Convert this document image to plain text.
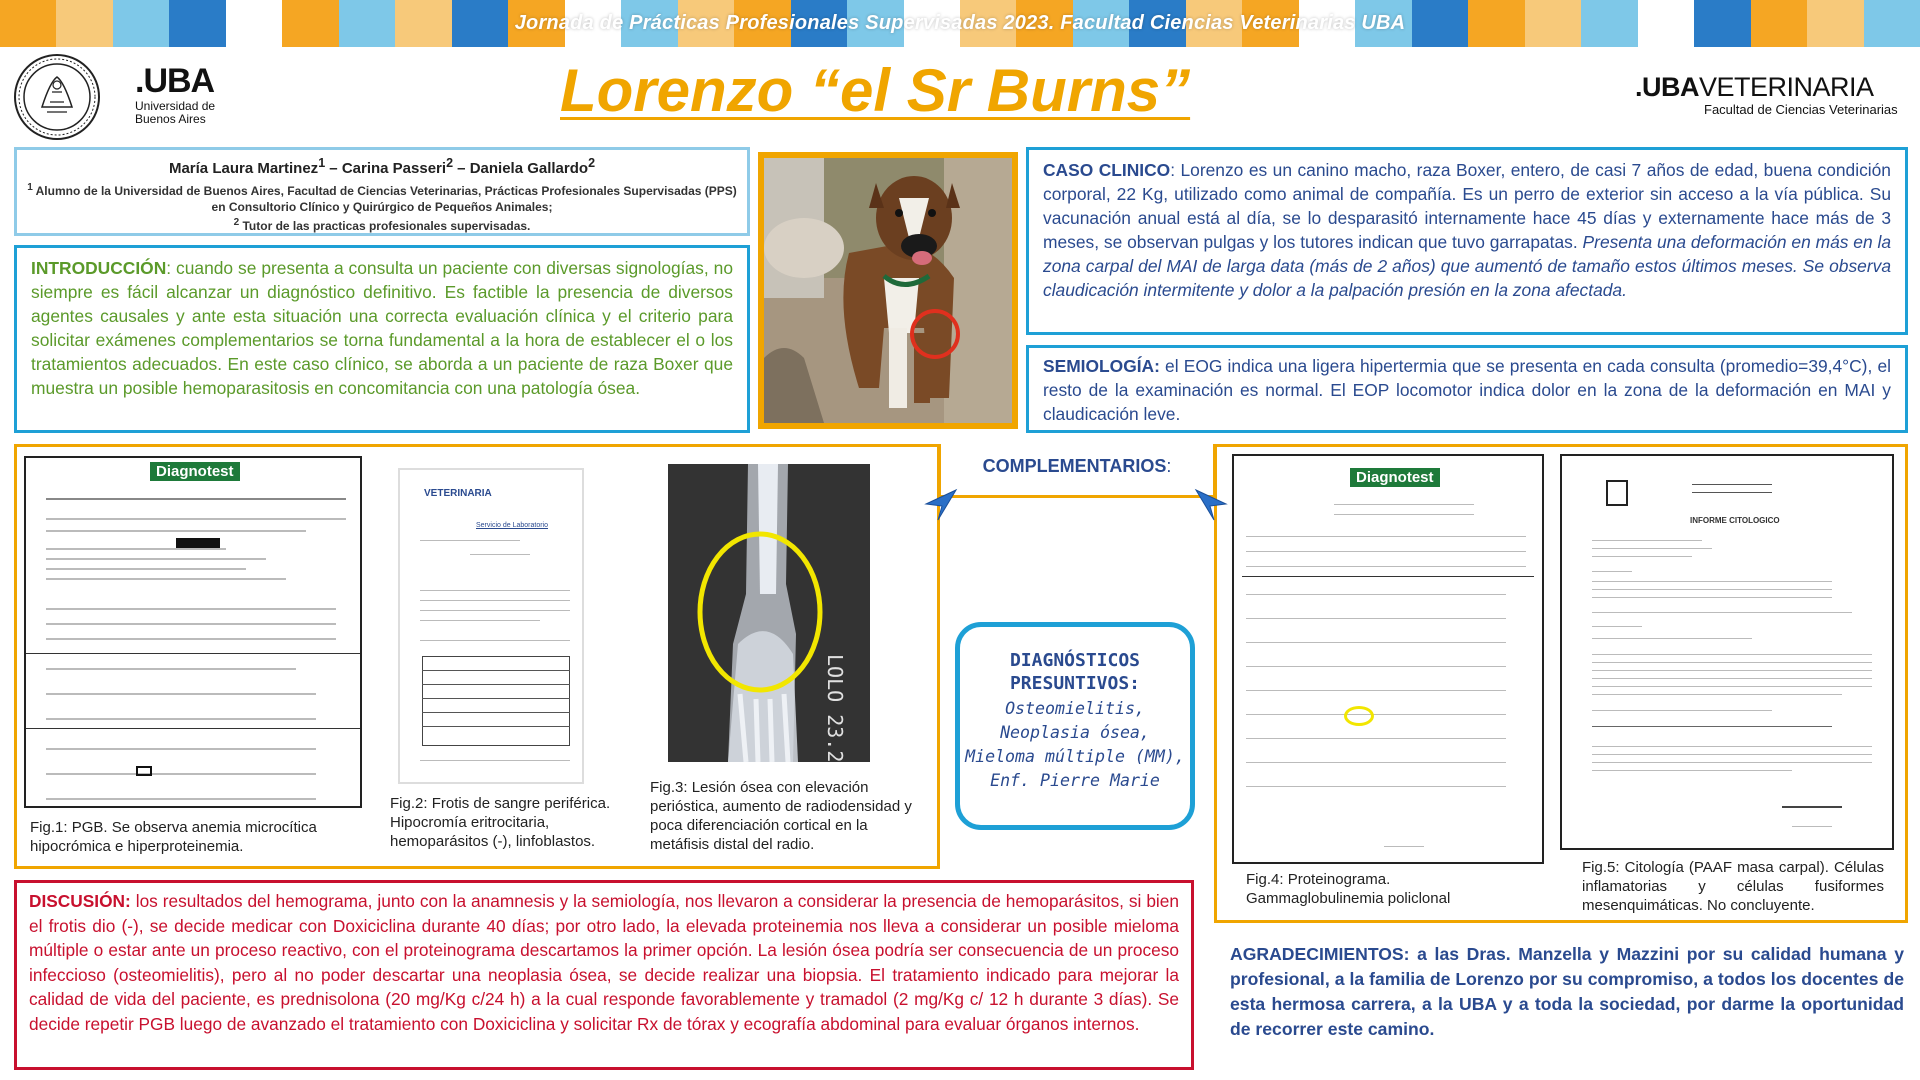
Jornada de Prácticas Profesionales Supervisadas 2023. Facultad Ciencias Veterinarias UBA
.UBA
Universidad de Buenos Aires	Lorenzo “el Sr Burns”	.UBAVETERINARIA
Facultad de Ciencias Veterinarias
María Laura Martinez$^1$ – Carina Passeri$^2$ – Daniela Gallardo$^2$
$^1$ Alumno de la Universidad de Buenos Aires, Facultad de Ciencias Veterinarias, Prácticas Profesionales Supervisadas (PPS) en Consultorio Clínico y Quirúrgico de Pequeños Animales;
$^2$ Tutor de las practicas profesionales supervisadas.

INTRODUCCIÓN: cuando se presenta a consulta un paciente con diversas signologías, no siempre es fácil alcanzar un diagnóstico definitivo. Es factible la presencia de diversos agentes causales y ante esta situación una correcta evaluación clínica y el criterio para solicitar exámenes complementarios se torna fundamental a la hora de establecer el o los tratamientos adecuados. En este caso clínico, se aborda a un paciente de raza Boxer que muestra un posible hemoparasitosis en concomitancia con una patología ósea.

CASO CLINICO: Lorenzo es un canino macho, raza Boxer, entero, de casi 7 años de edad, buena condición corporal, 22 Kg, utilizado como animal de compañía. Es un perro de exterior sin acceso a la vía pública. Su vacunación anual está al día, se lo desparasitó internamente hace 45 días y externamente hace más de 3 meses, se observan pulgas y los tutores indican que tuvo garrapatas. Presenta una deformación en más en la zona carpal del MAI de larga data (más de 2 años) que aumentó de tamaño estos últimos meses. Se observa claudicación intermitente y dolor a la palpación presión en la zona afectada.

SEMIOLOGÍA: el EOG indica una ligera hipertermia que se presenta en cada consulta (promedio=39,4°C), el resto de la examinación es normal. El EOP locomotor indica dolor en la zona de la deformación en MAI y claudicación leve.

COMPLEMENTARIOS:
Diagnotest
Fig.1: PGB. Se observa anemia microcítica hipocrómica e hiperproteinemia.
VETERINARIA
Servicio de Laboratorio
Fig.2: Frotis de sangre periférica. Hipocromía eritrocitaria, hemoparásitos (-), linfoblastos.
LOLO 23.2
Fig.3: Lesión ósea con elevación perióstica, aumento de radiodensidad y poca diferenciación cortical en la metáfisis distal del radio.
DIAGNÓSTICOS
PRESUNTIVOS:
Osteomielitis,
Neoplasia ósea,
Mieloma múltiple (MM),
Enf. Pierre Marie
Diagnotest
Fig.4: Proteinograma. Gammaglobulinemia policlonal
INFORME CITOLOGICO
Fig.5: Citología (PAAF masa carpal). Células inflamatorias y células fusiformes mesenquimáticas. No concluyente.

DISCUSIÓN: los resultados del hemograma, junto con la anamnesis y la semiología, nos llevaron a considerar la presencia de hemoparásitos, si bien el frotis dio (-), se decide medicar con Doxiciclina durante 40 días; por otro lado, la elevada proteinemia nos lleva a considerar un posible mieloma múltiple o estar ante un proceso reactivo, con el proteinograma descartamos la primer opción. La lesión ósea podría ser consecuencia de un proceso infeccioso (osteomielitis), pero al no poder descartar una neoplasia ósea, se decide realizar una biopsia. El tratamiento indicado para mejorar la calidad de vida del paciente, es prednisolona (20 mg/Kg c/24 h) a la cual responde favorablemente y tramadol (2 mg/Kg c/ 12 h durante 3 días). Se decide repetir PGB luego de avanzado el tratamiento con Doxiciclina y solicitar Rx de tórax y ecografía abdominal para evaluar órganos internos.

AGRADECIMIENTOS: a las Dras. Manzella y Mazzini por su calidad humana y profesional, a la familia de Lorenzo por su compromiso, a todos los docentes de esta hermosa carrera, a la UBA y a toda la sociedad, por darme la oportunidad de recorrer este camino.
